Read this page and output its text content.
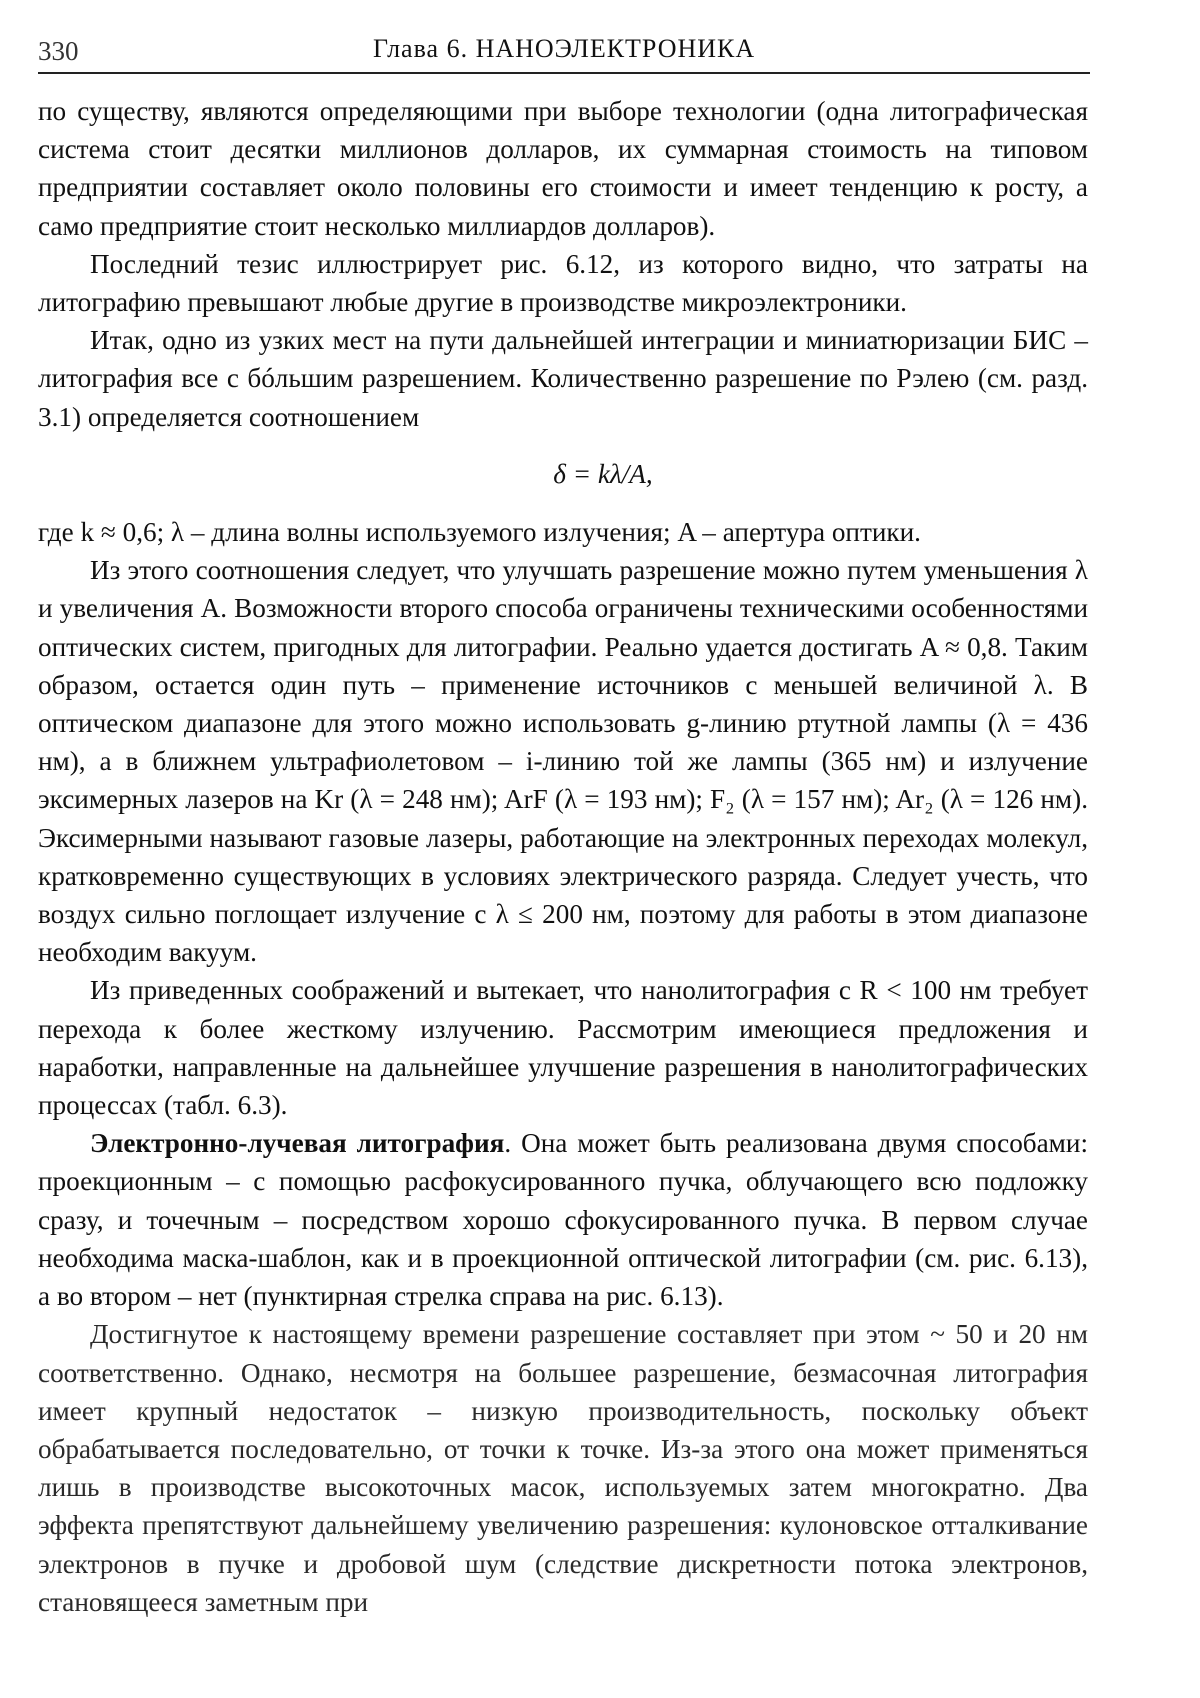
330	Глава 6. НАНОЭЛЕКТРОНИКА

по существу, являются определяющими при выборе технологии (одна литографическая система стоит десятки миллионов долларов, их суммарная стоимость на типовом предприятии составляет около половины его стоимости и имеет тенденцию к росту, а само предприятие стоит несколько миллиардов долларов).

Последний тезис иллюстрирует рис. 6.12, из которого видно, что затраты на литографию превышают любые другие в производстве микроэлектроники.

Итак, одно из узких мест на пути дальнейшей интеграции и миниатюризации БИС – литография все с бóльшим разрешением. Количественно разрешение по Рэлею (см. разд. 3.1) определяется соотношением

δ = kλ/A,

где k ≈ 0,6; λ – длина волны используемого излучения; A – апертура оптики.

Из этого соотношения следует, что улучшать разрешение можно путем уменьшения λ и увеличения A. Возможности второго способа ограничены техническими особенностями оптических систем, пригодных для литографии. Реально удается достигать A ≈ 0,8. Таким образом, остается один путь – применение источников с меньшей величиной λ. В оптическом диапазоне для этого можно использовать g-линию ртутной лампы (λ = 436 нм), а в ближнем ультрафиолетовом – i-линию той же лампы (365 нм) и излучение эксимерных лазеров на Kr (λ = 248 нм); ArF (λ = 193 нм); F₂ (λ = 157 нм); Ar₂ (λ = 126 нм). Эксимерными называют газовые лазеры, работающие на электронных переходах молекул, кратковременно существующих в условиях электрического разряда. Следует учесть, что воздух сильно поглощает излучение с λ ≤ 200 нм, поэтому для работы в этом диапазоне необходим вакуум.

Из приведенных соображений и вытекает, что нанолитография с R < 100 нм требует перехода к более жесткому излучению. Рассмотрим имеющиеся предложения и наработки, направленные на дальнейшее улучшение разрешения в нанолитографических процессах (табл. 6.3).

Электронно-лучевая литография. Она может быть реализована двумя способами: проекционным – с помощью расфокусированного пучка, облучающего всю подложку сразу, и точечным – посредством хорошо сфокусированного пучка. В первом случае необходима маска-шаблон, как и в проекционной оптической литографии (см. рис. 6.13), а во втором – нет (пунктирная стрелка справа на рис. 6.13).

Достигнутое к настоящему времени разрешение составляет при этом ~ 50 и 20 нм соответственно. Однако, несмотря на большее разрешение, безмасочная литография имеет крупный недостаток – низкую производительность, поскольку объект обрабатывается последовательно, от точки к точке. Из-за этого она может применяться лишь в производстве высокоточных масок, используемых затем многократно. Два эффекта препятствуют дальнейшему увеличению разрешения: кулоновское отталкивание электронов в пучке и дробовой шум (следствие дискретности потока электронов, становящееся заметным при
